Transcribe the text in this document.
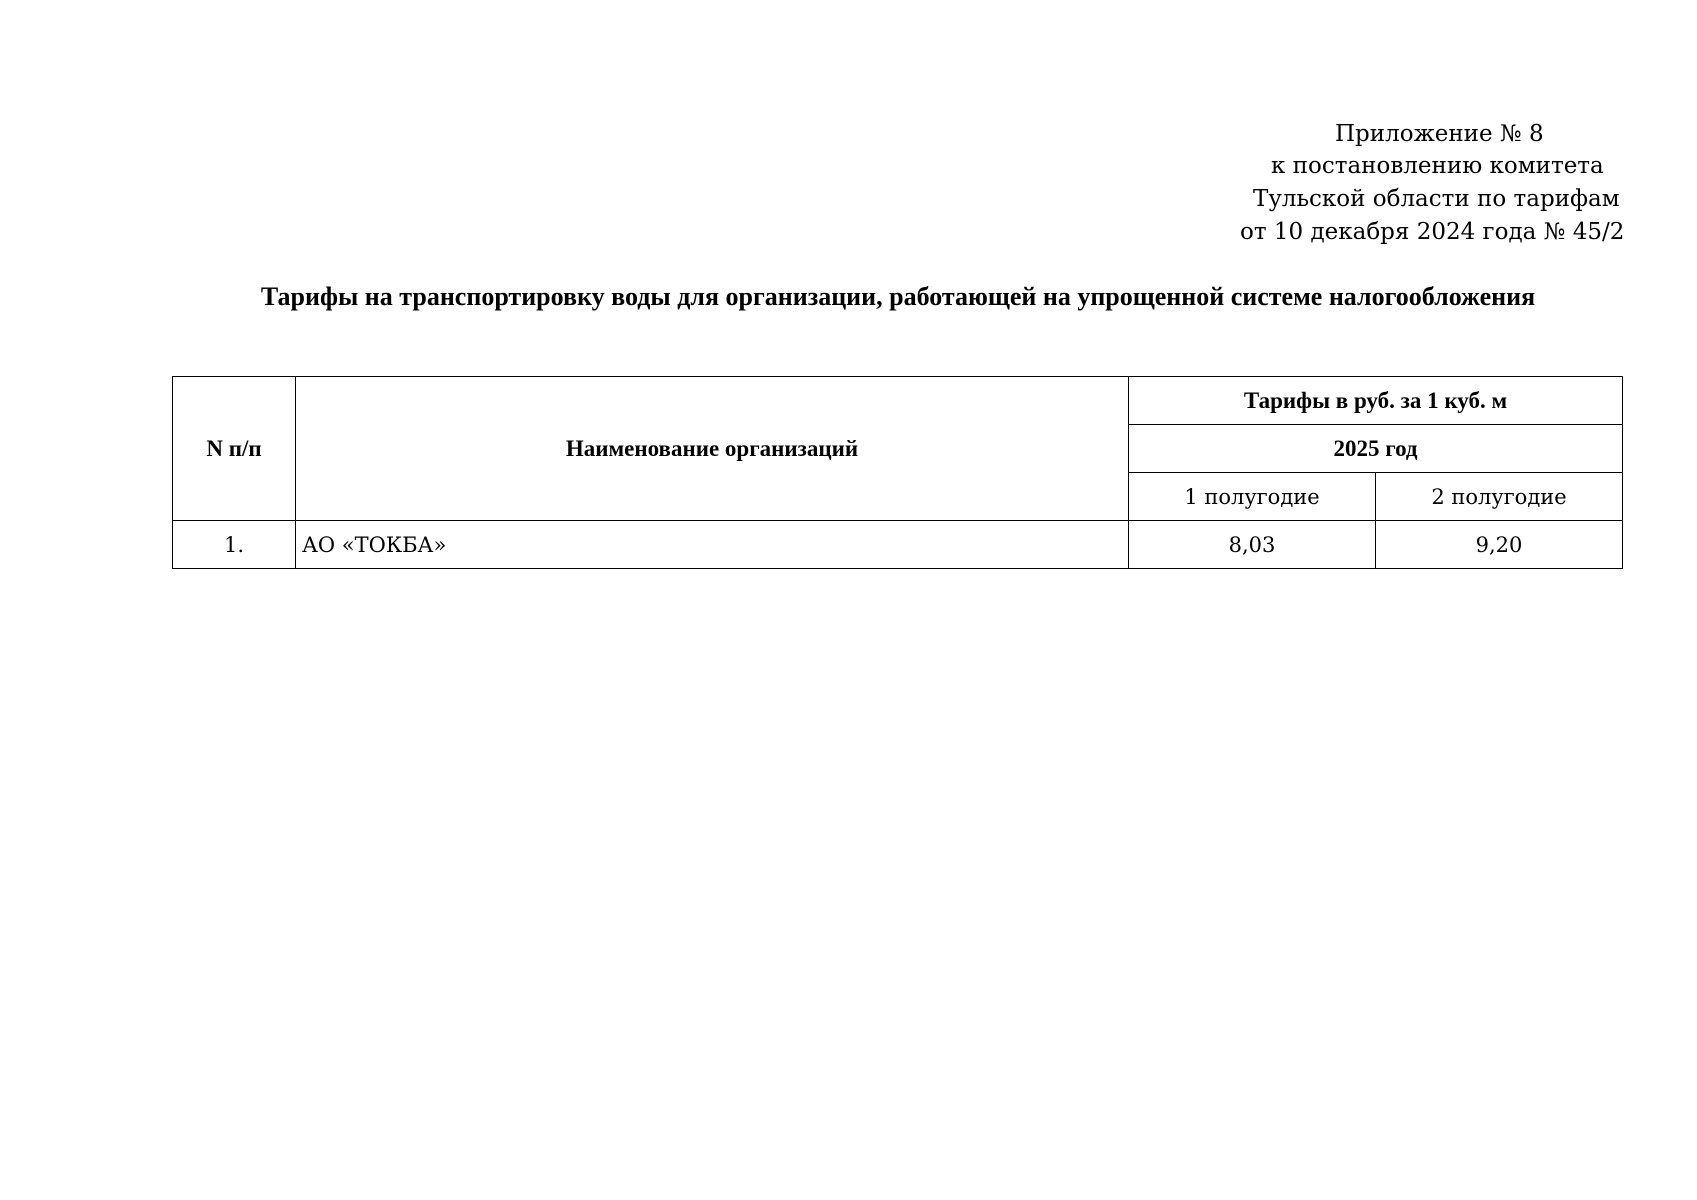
Приложение № 8
к постановлению комитета
Тульской области по тарифам
от 10 декабря 2024 года № 45/2
Тарифы на транспортировку воды для организации, работающей на упрощенной системе налогообложения
N п/п	Наименование организаций	Тарифы в руб. за 1 куб. м	
		2025 год	
		1 полугодие	2 полугодие
1.	АО «ТОКБА»	8,03	9,20
